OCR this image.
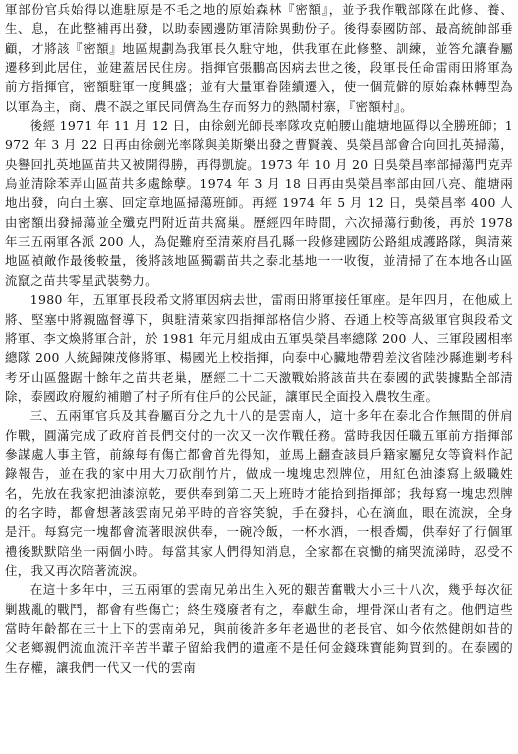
軍部份官兵始得以進駐原是不毛之地的原始森林『密額』，並予我作戰部隊在此修、養、生、息，在此整補再出發，以助泰國邊防軍清除異動份子。後得泰國防部、最高統帥部垂顧，才將該『密額』地區規劃為我軍長久駐守地，供我軍在此修整、訓練，並答允讓眷屬遷移到此居住，並建蓋居民住房。指揮官張鵬高因病去世之後，段軍長任命雷雨田將軍為前方指揮官，密額駐軍一度興盛；並有大量軍眷陸續遷入，使一個荒僻的原始森林轉型為以軍為主，商、農不誤之軍民同儕為生存而努力的熱鬧村寨，『密額村』。

後經 1971 年 11 月 12 日，由徐劍光師長率隊攻克帕腰山龍塘地區得以全勝班師；1972 年 3 月 22 日再由徐劍光率隊與美斯樂出發之曹賢義、吳榮昌部會合向回扎英掃蕩，央譽回扎英地區苗共又被開得勝，再得凱旋。1973 年 10 月 20 日吳榮昌率部掃蕩門克弄烏並清除苯弄山區苗共多處餘孽。1974 年 3 月 18 日再由吳榮昌率部由回八亮、龍塘兩地出發，向白土寨、回定章地區掃蕩班師。再經 1974 年 5 月 12 日，吳榮昌率 400 人由密額出發掃蕩並全殲克門附近苗共窩巢。歷經四年時間，六次掃蕩行動後，再於 1978 年三五兩軍各派 200 人，為促難府至清萊府昌孔縣一段修建國防公路組成護路隊，與清萊地區禎敵作最後較量，後將該地區獨霸苗共之泰北基地一一收復，並清掃了在本地各山區流竄之苗共零星武裝勢力。

1980 年，五軍軍長段希文將軍因病去世，雷雨田將軍接任軍座。是年四月，在他威上將、堅塞中將親臨督導下，與駐清萊家四指揮部格信少將、吞通上校等高級軍官與段希文將軍、李文煥將軍合計，於 1981 年元月組成由五軍吳榮昌率總隊 200 人、三軍段國相率總隊 200 人統歸陳茂修將軍、楊國光上校指揮，向泰中心臟地帶碧差汶省陸沙縣進剿考科考牙山區盤踞十餘年之苗共老巢，歷經二十二天激戰始將該苗共在泰國的武裝據點全部清除，泰國政府履約補贈了村子所有住戶的公民証，讓軍民全面投入農牧生產。

三、五兩軍官兵及其眷屬百分之九十八的是雲南人，這十多年在泰北合作無間的併肩作戰，圓滿完成了政府首長們交付的一次又一次作戰任務。當時我因任職五軍前方指揮部參謀處人事主管，前線每有傷亡都會首先得知，並馬上翻查該員戶籍家屬兒女等資料作記錄報告，並在我的家中用大刀砍削竹片，做成一塊塊忠烈牌位，用紅色油漆寫上級職姓名，先放在我家把油漆涼乾，要供奉到第二天上班時才能拾到指揮部；我每寫一塊忠烈牌的名字時，都會想著該雲南兄弟平時的音容笑貌，手在發抖，心在滴血，眼在流淚，全身是汗。每寫完一塊都會流著眼淚供奉，一碗冷飯，一杯水酒，一根香燭，供奉好了行個軍禮後默默陪坐一兩個小時。每當其家人們得知消息，全家都在哀慟的痛哭流涕時，忍受不住，我又再次陪著流淚。

在這十多年中，三五兩軍的雲南兄弟出生入死的艱苦奮戰大小三十八次，幾乎每次征剿戡亂的戰鬥，都會有些傷亡；終生殘廢者有之，奉獻生命，埋骨深山者有之。他們這些當時年齡都在三十上下的雲南弟兄，與前後許多年老過世的老長官、如今依然健朗如昔的父老鄉親們流血流汗辛苦半輩子留給我們的遺產不是任何金錢珠寶能夠買到的。在泰國的生存權，讓我們一代又一代的雲南
